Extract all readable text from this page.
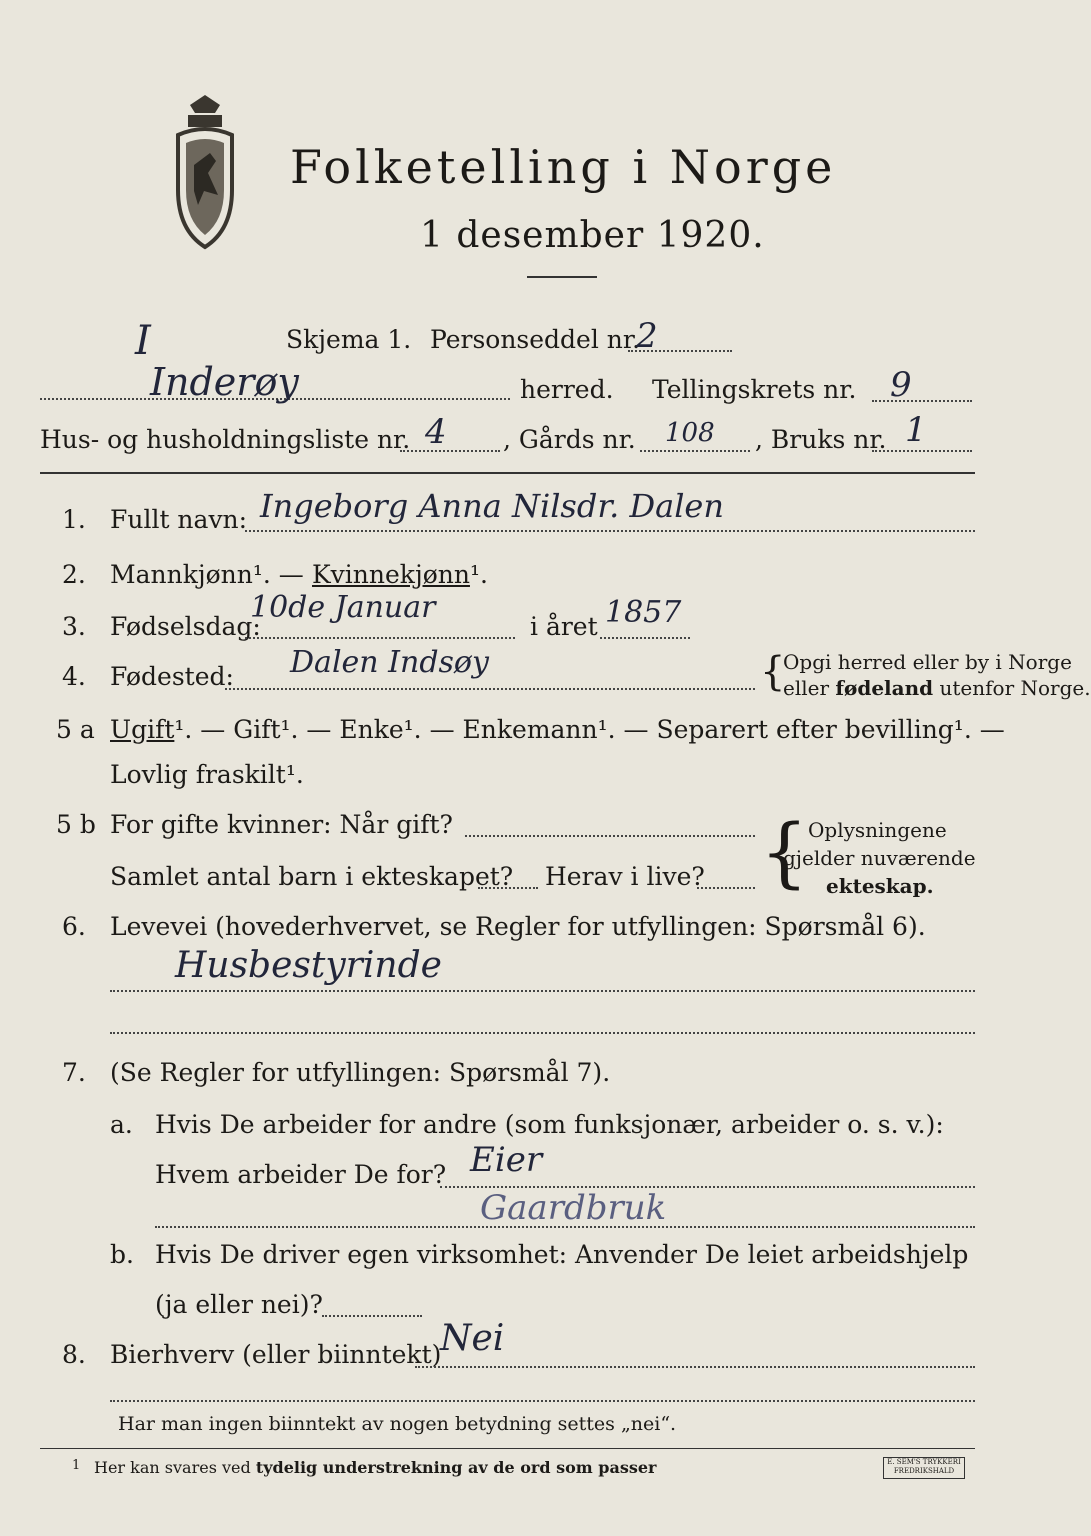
Folketelling i Norge
1 desember 1920.
I	Skjema 1. Personseddel nr.
2
Inderøy	herred. Tellingskrets nr. 9
Hus- og husholdningsliste nr. 4 , Gårds nr. 108 , Bruks nr. 1
1. Fullt navn: Ingeborg Anna Nilsdr. Dalen
2. Mannkjønn¹. — Kvinnekjønn¹.
3. Fødselsdag:
10de Januar
i året 1857
4. Fødested: Dalen Indsøy	{
Opgi herred eller by i Norge
eller fødeland utenfor Norge.
5 a Ugift¹. — Gift¹. — Enke¹. — Enkemann¹. — Separert efter bevilling¹. —
Lovlig fraskilt¹.
5 b For gifte kvinner: Når gift?
Samlet antal barn i ekteskapet? Herav i live? { Oplysningene
gjelder nuværende
ekteskap.
6. Levevei (hovederhvervet, se Regler for utfyllingen: Spørsmål 6).
Husbestyrinde
7. (Se Regler for utfyllingen: Spørsmål 7).
a. Hvis De arbeider for andre (som funksjonær, arbeider o. s. v.):
Hvem arbeider De for? Eier
Gaardbruk
b. Hvis De driver egen virksomhet: Anvender De leiet arbeidshjelp
(ja eller nei)?
8. Bierhverv (eller biinntekt)
Nei
Har man ingen biinntekt av nogen betydning settes „nei“.
1 Her kan svares ved tydelig understrekning av de ord som passer	E. SEM'S TRYKKERI
FREDRIKSHALD
